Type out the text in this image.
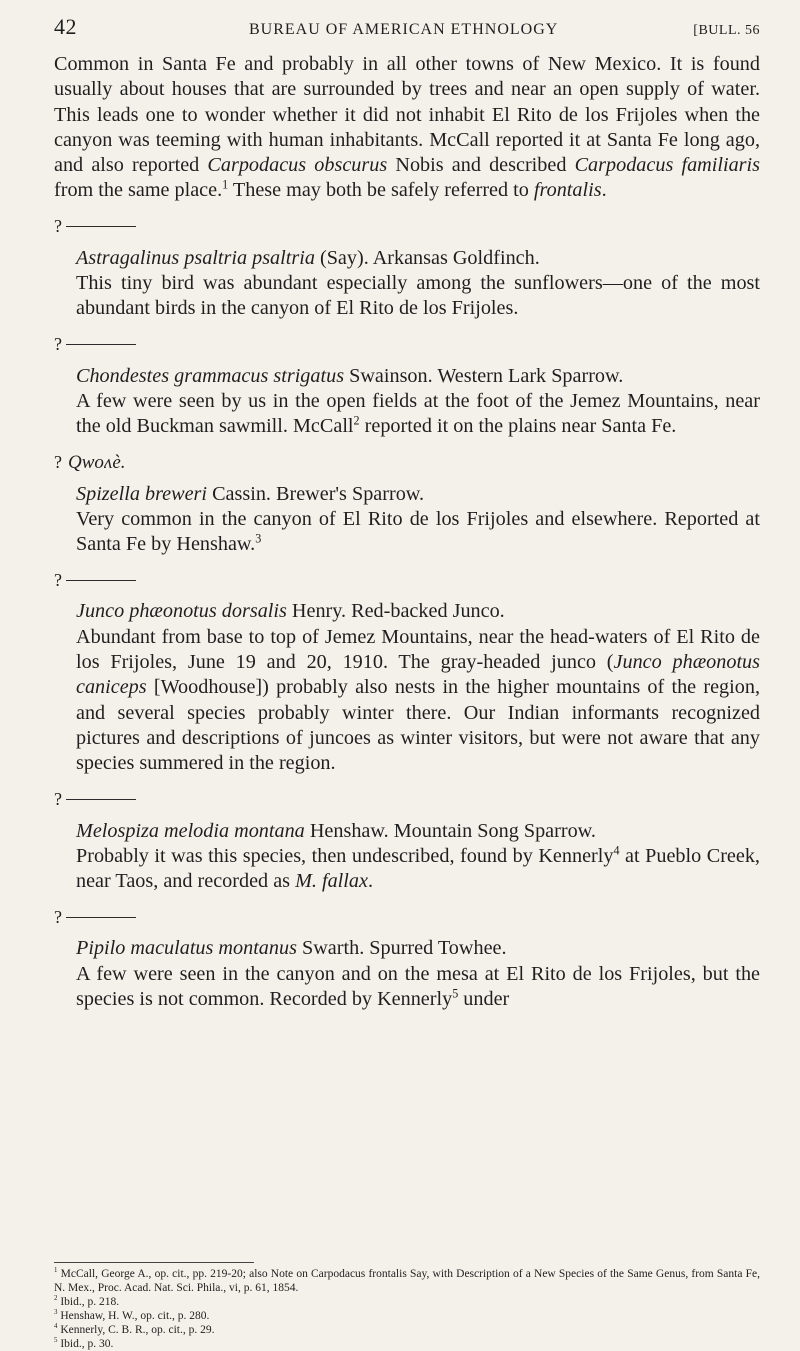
42	BUREAU OF AMERICAN ETHNOLOGY	[BULL. 56

Common in Santa Fe and probably in all other towns of New Mexico. It is found usually about houses that are surrounded by trees and near an open supply of water. This leads one to wonder whether it did not inhabit El Rito de los Frijoles when the canyon was teeming with human inhabitants. McCall reported it at Santa Fe long ago, and also reported Carpodacus obscurus Nobis and described Carpodacus familiaris from the same place.$^1$ These may both be safely referred to frontalis.

?

Astragalinus psaltria psaltria (Say). Arkansas Goldfinch.

This tiny bird was abundant especially among the sunflowers—one of the most abundant birds in the canyon of El Rito de los Frijoles.

?

Chondestes grammacus strigatus Swainson. Western Lark Sparrow.

A few were seen by us in the open fields at the foot of the Jemez Mountains, near the old Buckman sawmill. McCall$^2$ reported it on the plains near Santa Fe.

? Qwoʌè.

Spizella breweri Cassin. Brewer's Sparrow.

Very common in the canyon of El Rito de los Frijoles and elsewhere. Reported at Santa Fe by Henshaw.$^3$

?

Junco phæonotus dorsalis Henry. Red-backed Junco.

Abundant from base to top of Jemez Mountains, near the head-waters of El Rito de los Frijoles, June 19 and 20, 1910. The gray-headed junco (Junco phæonotus caniceps [Woodhouse]) probably also nests in the higher mountains of the region, and several species probably winter there. Our Indian informants recognized pictures and descriptions of juncoes as winter visitors, but were not aware that any species summered in the region.

?

Melospiza melodia montana Henshaw. Mountain Song Sparrow.

Probably it was this species, then undescribed, found by Kennerly$^4$ at Pueblo Creek, near Taos, and recorded as M. fallax.

?

Pipilo maculatus montanus Swarth. Spurred Towhee.

A few were seen in the canyon and on the mesa at El Rito de los Frijoles, but the species is not common. Recorded by Kennerly$^5$ under

$^1$ McCall, George A., op. cit., pp. 219-20; also Note on Carpodacus frontalis Say, with Description of a New Species of the Same Genus, from Santa Fe, N. Mex., Proc. Acad. Nat. Sci. Phila., vi, p. 61, 1854.

$^2$ Ibid., p. 218.

$^3$ Henshaw, H. W., op. cit., p. 280.

$^4$ Kennerly, C. B. R., op. cit., p. 29.

$^5$ Ibid., p. 30.
